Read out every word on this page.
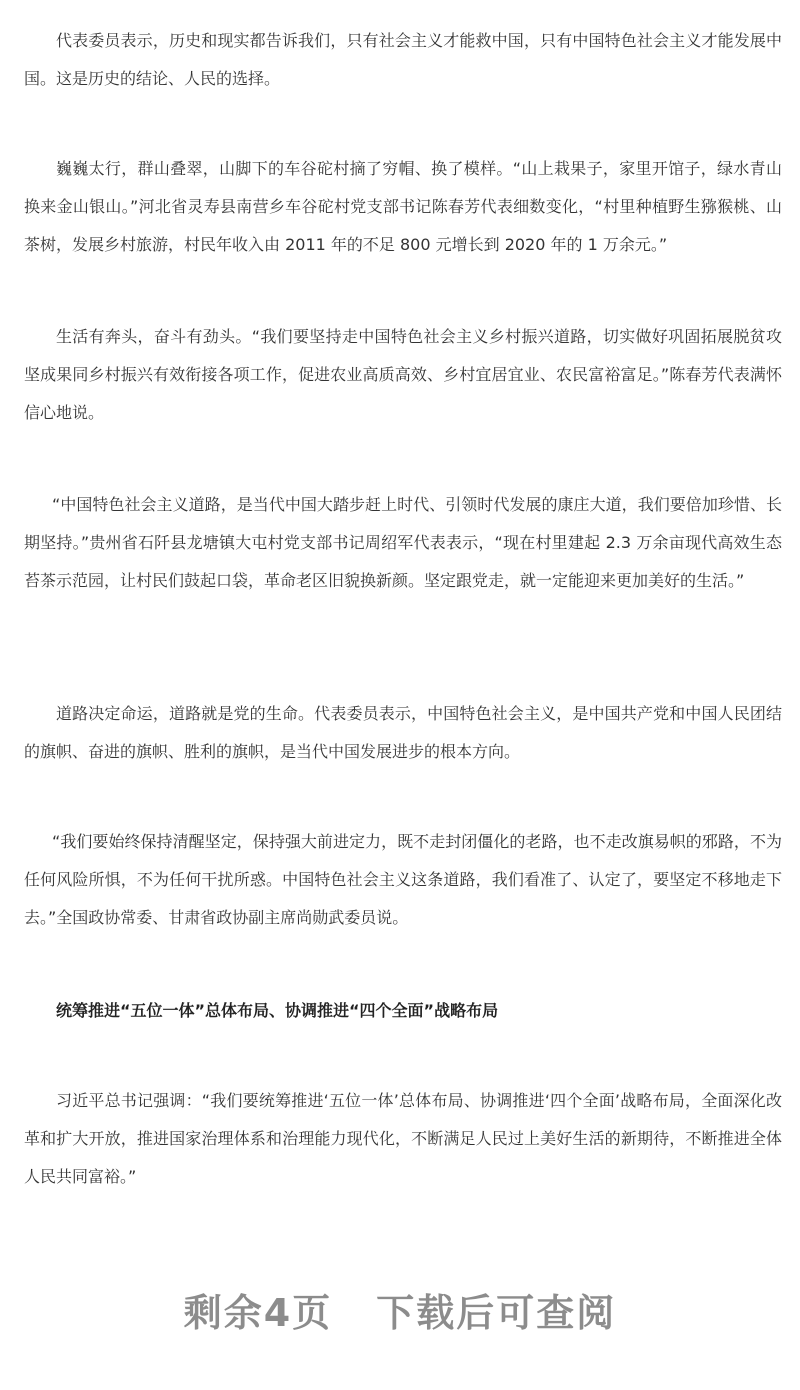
代表委员表示，历史和现实都告诉我们，只有社会主义才能救中国，只有中国特色社会主义才能发展中国。这是历史的结论、人民的选择。

巍巍太行，群山叠翠，山脚下的车谷砣村摘了穷帽、换了模样。“山上栽果子，家里开馆子，绿水青山换来金山银山。”河北省灵寿县南营乡车谷砣村党支部书记陈春芳代表细数变化，“村里种植野生猕猴桃、山茶树，发展乡村旅游，村民年收入由 2011 年的不足 800 元增长到 2020 年的 1 万余元。”

生活有奔头，奋斗有劲头。“我们要坚持走中国特色社会主义乡村振兴道路，切实做好巩固拓展脱贫攻坚成果同乡村振兴有效衔接各项工作，促进农业高质高效、乡村宜居宜业、农民富裕富足。”陈春芳代表满怀信心地说。

“中国特色社会主义道路，是当代中国大踏步赶上时代、引领时代发展的康庄大道，我们要倍加珍惜、长期坚持。”贵州省石阡县龙塘镇大屯村党支部书记周绍军代表表示，“现在村里建起 2.3 万余亩现代高效生态苔茶示范园，让村民们鼓起口袋，革命老区旧貌换新颜。坚定跟党走，就一定能迎来更加美好的生活。”

道路决定命运，道路就是党的生命。代表委员表示，中国特色社会主义，是中国共产党和中国人民团结的旗帜、奋进的旗帜、胜利的旗帜，是当代中国发展进步的根本方向。

“我们要始终保持清醒坚定，保持强大前进定力，既不走封闭僵化的老路，也不走改旗易帜的邪路，不为任何风险所惧，不为任何干扰所惑。中国特色社会主义这条道路，我们看准了、认定了，要坚定不移地走下去。”全国政协常委、甘肃省政协副主席尚勋武委员说。

统筹推进“五位一体”总体布局、协调推进“四个全面”战略布局

习近平总书记强调：“我们要统筹推进‘五位一体’总体布局、协调推进‘四个全面’战略布局，全面深化改革和扩大开放，推进国家治理体系和治理能力现代化，不断满足人民过上美好生活的新期待，不断推进全体人民共同富裕。”

剩余4页 下载后可查阅
